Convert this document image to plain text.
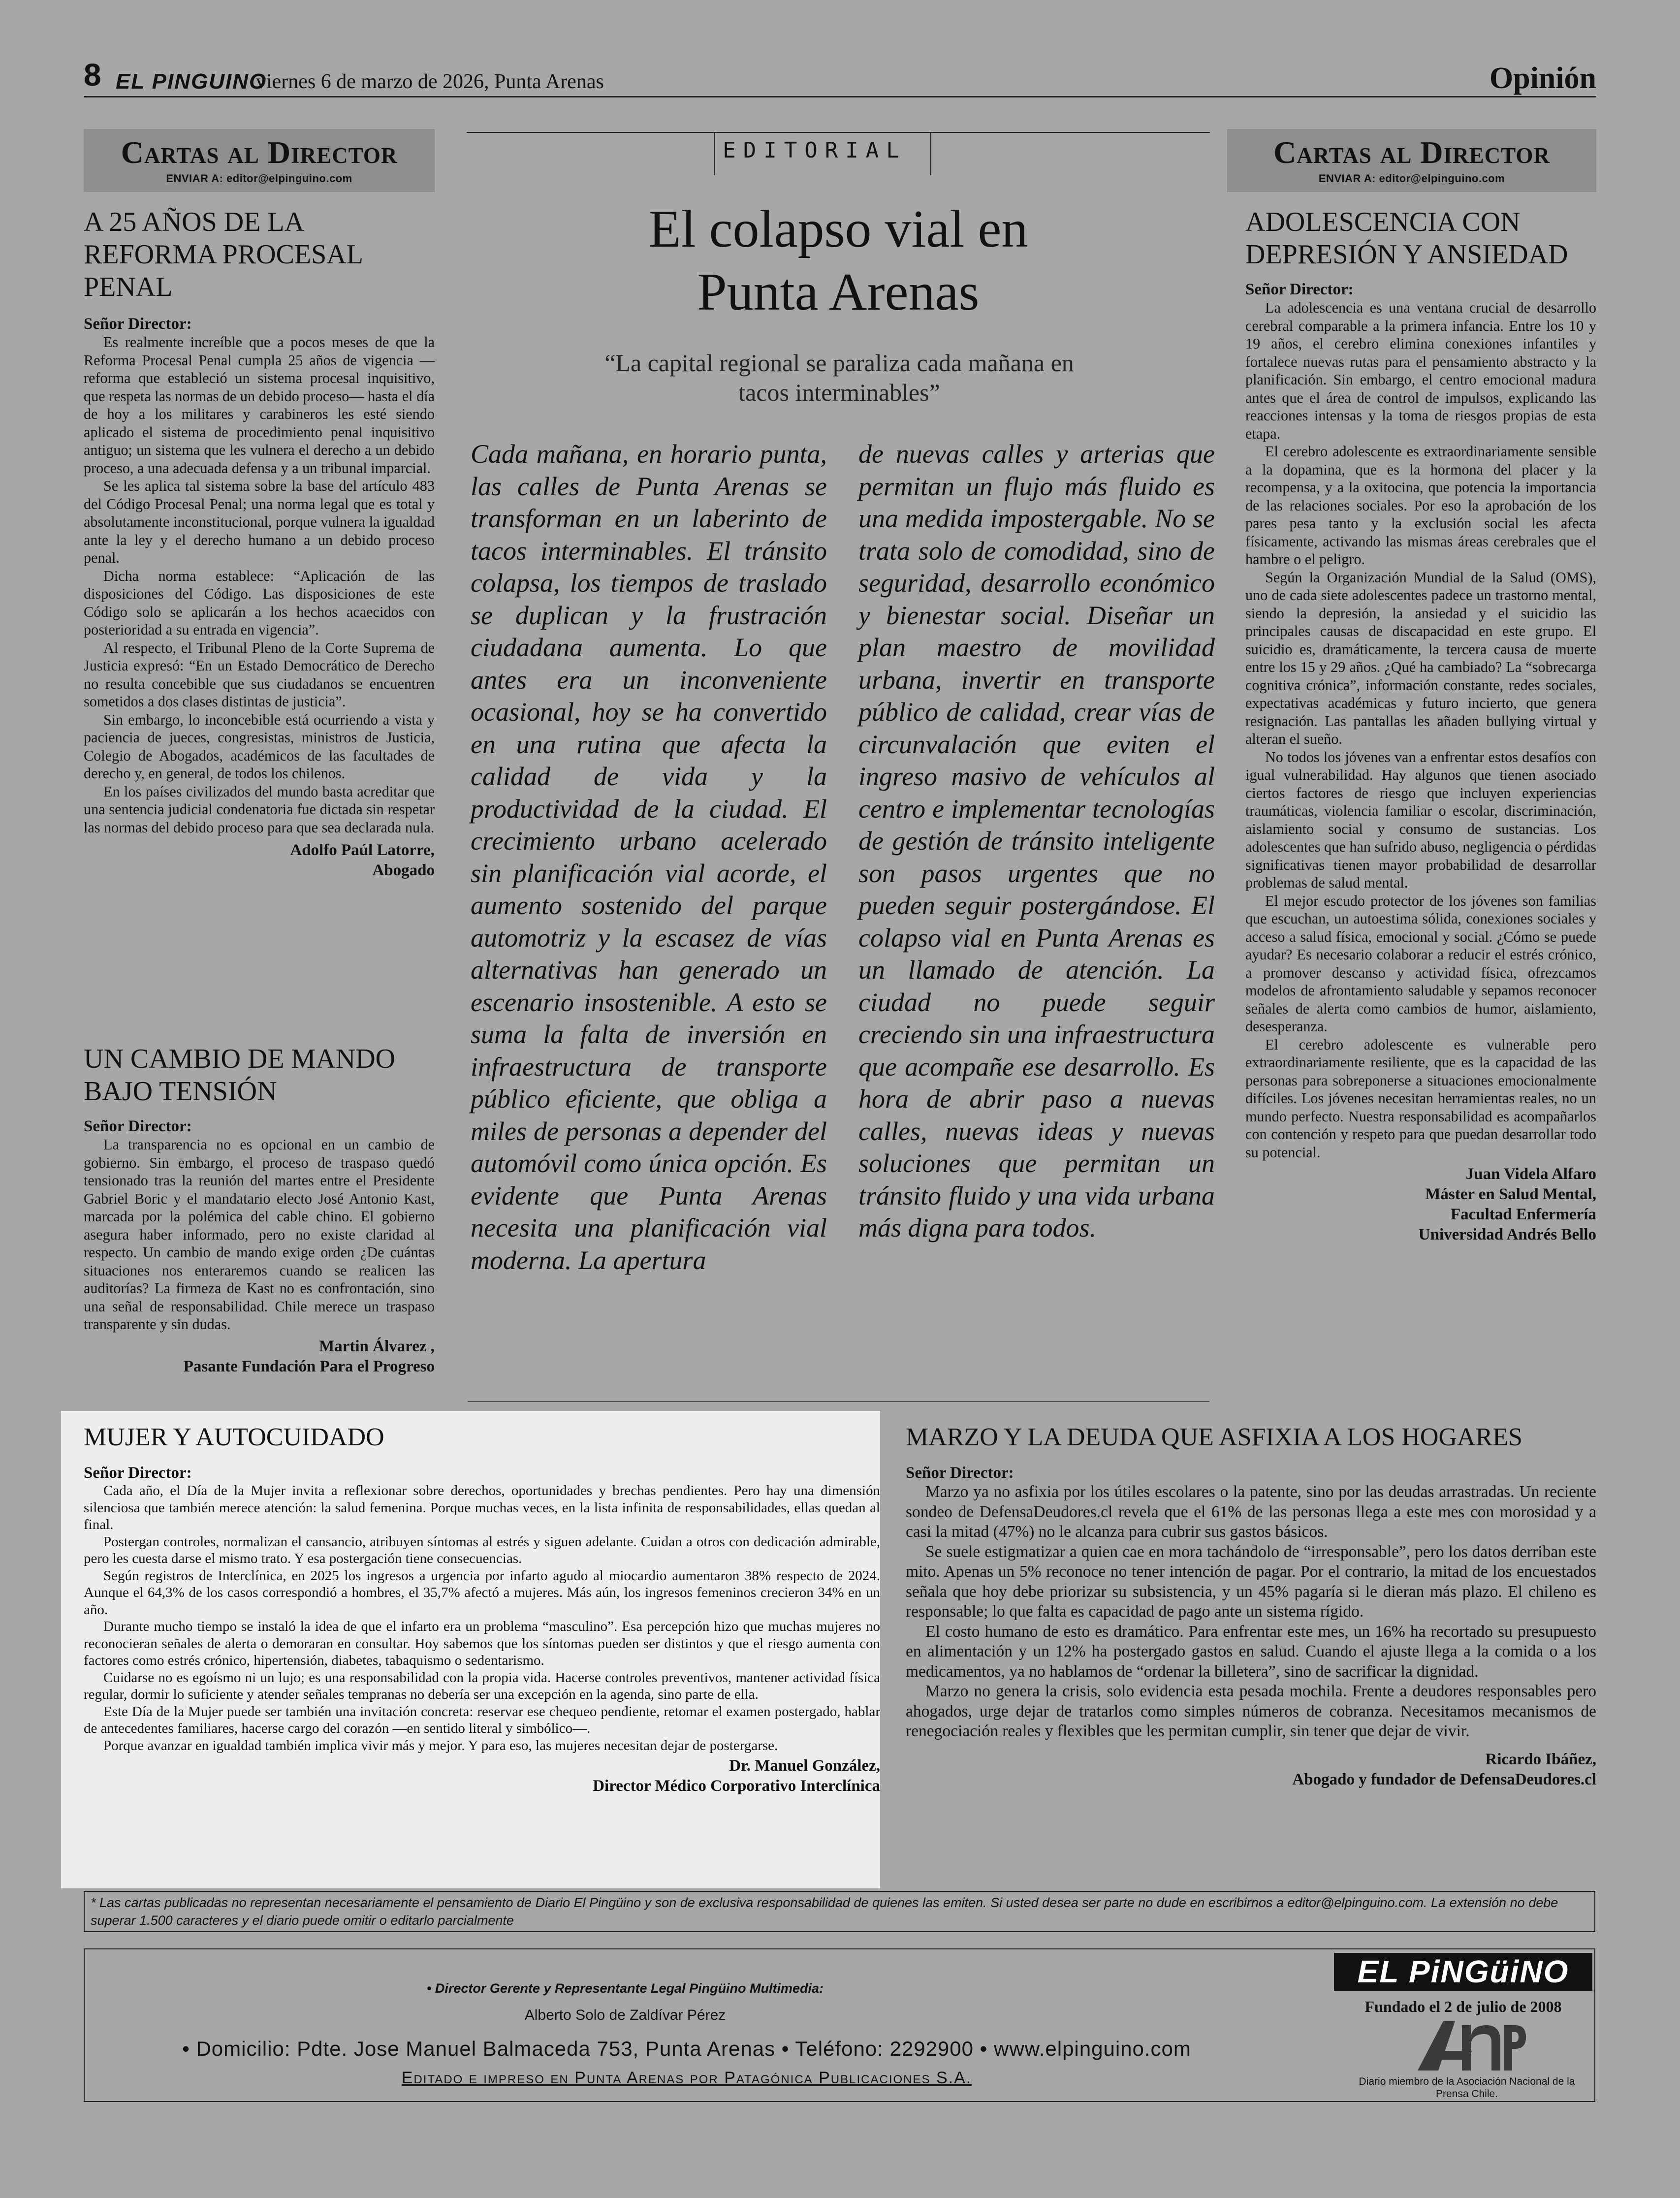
8 EL PINGUINO
viernes 6 de marzo de 2026, Punta Arenas	Opinión
Cartas al Director
ENVIAR A: editor@elpinguino.com
A 25 AÑOS DE LA
REFORMA PROCESAL
PENAL
Señor Director:

Es realmente increíble que a pocos meses de que la Reforma Procesal Penal cumpla 25 años de vigencia —reforma que estableció un sistema procesal inquisitivo, que respeta las normas de un debido proceso— hasta el día de hoy a los militares y carabineros les esté siendo aplicado el sistema de procedimiento penal inquisitivo antiguo; un sistema que les vulnera el derecho a un debido proceso, a una adecuada defensa y a un tribunal imparcial.

Se les aplica tal sistema sobre la base del artículo 483 del Código Procesal Penal; una norma legal que es total y absolutamente inconstitucional, porque vulnera la igualdad ante la ley y el derecho humano a un debido proceso penal.

Dicha norma establece: “Aplicación de las disposiciones del Código. Las disposiciones de este Código solo se aplicarán a los hechos acaecidos con posterioridad a su entrada en vigencia”.

Al respecto, el Tribunal Pleno de la Corte Suprema de Justicia expresó: “En un Estado Democrático de Derecho no resulta concebible que sus ciudadanos se encuentren sometidos a dos clases distintas de justicia”.

Sin embargo, lo inconcebible está ocurriendo a vista y paciencia de jueces, congresistas, ministros de Justicia, Colegio de Abogados, académicos de las facultades de derecho y, en general, de todos los chilenos.

En los países civilizados del mundo basta acreditar que una sentencia judicial condenatoria fue dictada sin respetar las normas del debido proceso para que sea declarada nula.

Adolfo Paúl Latorre,
Abogado
UN CAMBIO DE MANDO
BAJO TENSIÓN
Señor Director:

La transparencia no es opcional en un cambio de gobierno. Sin embargo, el proceso de traspaso quedó tensionado tras la reunión del martes entre el Presidente Gabriel Boric y el mandatario electo José Antonio Kast, marcada por la polémica del cable chino. El gobierno asegura haber informado, pero no existe claridad al respecto. Un cambio de mando exige orden ¿De cuántas situaciones nos enteraremos cuando se realicen las auditorías? La firmeza de Kast no es confrontación, sino una señal de responsabilidad. Chile merece un traspaso transparente y sin dudas.

Martin Álvarez ,
Pasante Fundación Para el Progreso
EDITORIAL
El colapso vial en
Punta Arenas
“La capital regional se paraliza cada mañana en
tacos interminables”

Cada mañana, en horario punta, las calles de Punta Arenas se transforman en un laberinto de tacos interminables. El tránsito colapsa, los tiempos de traslado se duplican y la frustración ciudadana aumenta. Lo que antes era un inconveniente ocasional, hoy se ha convertido en una rutina que afecta la calidad de vida y la productividad de la ciudad. El crecimiento urbano acelerado sin planificación vial acorde, el aumento sostenido del parque automotriz y la escasez de vías alternativas han generado un escenario insostenible. A esto se suma la falta de inversión en infraestructura de transporte público eficiente, que obliga a miles de personas a depender del automóvil como única opción. Es evidente que Punta Arenas necesita una planificación vial moderna. La apertura

de nuevas calles y arterias que permitan un flujo más fluido es una medida impostergable. No se trata solo de comodidad, sino de seguridad, desarrollo económico y bienestar social. Diseñar un plan maestro de movilidad urbana, invertir en transporte público de calidad, crear vías de circunvalación que eviten el ingreso masivo de vehículos al centro e implementar tecnologías de gestión de tránsito inteligente son pasos urgentes que no pueden seguir postergándose. El colapso vial en Punta Arenas es un llamado de atención. La ciudad no puede seguir creciendo sin una infraestructura que acompañe ese desarrollo. Es hora de abrir paso a nuevas calles, nuevas ideas y nuevas soluciones que permitan un tránsito fluido y una vida urbana más digna para todos.

Cartas al Director
ENVIAR A: editor@elpinguino.com
ADOLESCENCIA CON
DEPRESIÓN Y ANSIEDAD
Señor Director:

La adolescencia es una ventana crucial de desarrollo cerebral comparable a la primera infancia. Entre los 10 y 19 años, el cerebro elimina conexiones infantiles y fortalece nuevas rutas para el pensamiento abstracto y la planificación. Sin embargo, el centro emocional madura antes que el área de control de impulsos, explicando las reacciones intensas y la toma de riesgos propias de esta etapa.

El cerebro adolescente es extraordinariamente sensible a la dopamina, que es la hormona del placer y la recompensa, y a la oxitocina, que potencia la importancia de las relaciones sociales. Por eso la aprobación de los pares pesa tanto y la exclusión social les afecta físicamente, activando las mismas áreas cerebrales que el hambre o el peligro.

Según la Organización Mundial de la Salud (OMS), uno de cada siete adolescentes padece un trastorno mental, siendo la depresión, la ansiedad y el suicidio las principales causas de discapacidad en este grupo. El suicidio es, dramáticamente, la tercera causa de muerte entre los 15 y 29 años. ¿Qué ha cambiado? La “sobrecarga cognitiva crónica”, información constante, redes sociales, expectativas académicas y futuro incierto, que genera resignación. Las pantallas les añaden bullying virtual y alteran el sueño.

No todos los jóvenes van a enfrentar estos desafíos con igual vulnerabilidad. Hay algunos que tienen asociado ciertos factores de riesgo que incluyen experiencias traumáticas, violencia familiar o escolar, discriminación, aislamiento social y consumo de sustancias. Los adolescentes que han sufrido abuso, negligencia o pérdidas significativas tienen mayor probabilidad de desarrollar problemas de salud mental.

El mejor escudo protector de los jóvenes son familias que escuchan, un autoestima sólida, conexiones sociales y acceso a salud física, emocional y social. ¿Cómo se puede ayudar? Es necesario colaborar a reducir el estrés crónico, a promover descanso y actividad física, ofrezcamos modelos de afrontamiento saludable y sepamos reconocer señales de alerta como cambios de humor, aislamiento, desesperanza.

El cerebro adolescente es vulnerable pero extraordinariamente resiliente, que es la capacidad de las personas para sobreponerse a situaciones emocionalmente difíciles. Los jóvenes necesitan herramientas reales, no un mundo perfecto. Nuestra responsabilidad es acompañarlos con contención y respeto para que puedan desarrollar todo su potencial.

Juan Videla Alfaro
Máster en Salud Mental,
Facultad Enfermería
Universidad Andrés Bello
MUJER Y AUTOCUIDADO
Señor Director:

Cada año, el Día de la Mujer invita a reflexionar sobre derechos, oportunidades y brechas pendientes. Pero hay una dimensión silenciosa que también merece atención: la salud femenina. Porque muchas veces, en la lista infinita de responsabilidades, ellas quedan al final.

Postergan controles, normalizan el cansancio, atribuyen síntomas al estrés y siguen adelante. Cuidan a otros con dedicación admirable, pero les cuesta darse el mismo trato. Y esa postergación tiene consecuencias.

Según registros de Interclínica, en 2025 los ingresos a urgencia por infarto agudo al miocardio aumentaron 38% respecto de 2024. Aunque el 64,3% de los casos correspondió a hombres, el 35,7% afectó a mujeres. Más aún, los ingresos femeninos crecieron 34% en un año.

Durante mucho tiempo se instaló la idea de que el infarto era un problema “masculino”. Esa percepción hizo que muchas mujeres no reconocieran señales de alerta o demoraran en consultar. Hoy sabemos que los síntomas pueden ser distintos y que el riesgo aumenta con factores como estrés crónico, hipertensión, diabetes, tabaquismo o sedentarismo.

Cuidarse no es egoísmo ni un lujo; es una responsabilidad con la propia vida. Hacerse controles preventivos, mantener actividad física regular, dormir lo suficiente y atender señales tempranas no debería ser una excepción en la agenda, sino parte de ella.

Este Día de la Mujer puede ser también una invitación concreta: reservar ese chequeo pendiente, retomar el examen postergado, hablar de antecedentes familiares, hacerse cargo del corazón —en sentido literal y simbólico—.

Porque avanzar en igualdad también implica vivir más y mejor. Y para eso, las mujeres necesitan dejar de postergarse.

Dr. Manuel González,
Director Médico Corporativo Interclínica
MARZO Y LA DEUDA QUE ASFIXIA A LOS HOGARES
Señor Director:

Marzo ya no asfixia por los útiles escolares o la patente, sino por las deudas arrastradas. Un reciente sondeo de DefensaDeudores.cl revela que el 61% de las personas llega a este mes con morosidad y a casi la mitad (47%) no le alcanza para cubrir sus gastos básicos.

Se suele estigmatizar a quien cae en mora tachándolo de “irresponsable”, pero los datos derriban este mito. Apenas un 5% reconoce no tener intención de pagar. Por el contrario, la mitad de los encuestados señala que hoy debe priorizar su subsistencia, y un 45% pagaría si le dieran más plazo. El chileno es responsable; lo que falta es capacidad de pago ante un sistema rígido.

El costo humano de esto es dramático. Para enfrentar este mes, un 16% ha recortado su presupuesto en alimentación y un 12% ha postergado gastos en salud. Cuando el ajuste llega a la comida o a los medicamentos, ya no hablamos de “ordenar la billetera”, sino de sacrificar la dignidad.

Marzo no genera la crisis, solo evidencia esta pesada mochila. Frente a deudores responsables pero ahogados, urge dejar de tratarlos como simples números de cobranza. Necesitamos mecanismos de renegociación reales y flexibles que les permitan cumplir, sin tener que dejar de vivir.

Ricardo Ibáñez,
Abogado y fundador de DefensaDeudores.cl
* Las cartas publicadas no representan necesariamente el pensamiento de Diario El Pingüino y son de exclusiva responsabilidad de quienes las emiten. Si usted desea ser parte no dude en escribirnos a editor@elpinguino.com. La extensión no debe superar 1.500 caracteres y el diario puede omitir o editarlo parcialmente
• Director Gerente y Representante Legal Pingüino Multimedia:
Alberto Solo de Zaldívar Pérez
• Domicilio: Pdte. Jose Manuel Balmaceda 753, Punta Arenas • Teléfono: 2292900 • www.elpinguino.com
Editado e impreso en Punta Arenas por Patagónica Publicaciones S.A.
EL PiNGüiNO
Fundado el 2 de julio de 2008
Diario miembro de la Asociación Nacional de la Prensa Chile.
